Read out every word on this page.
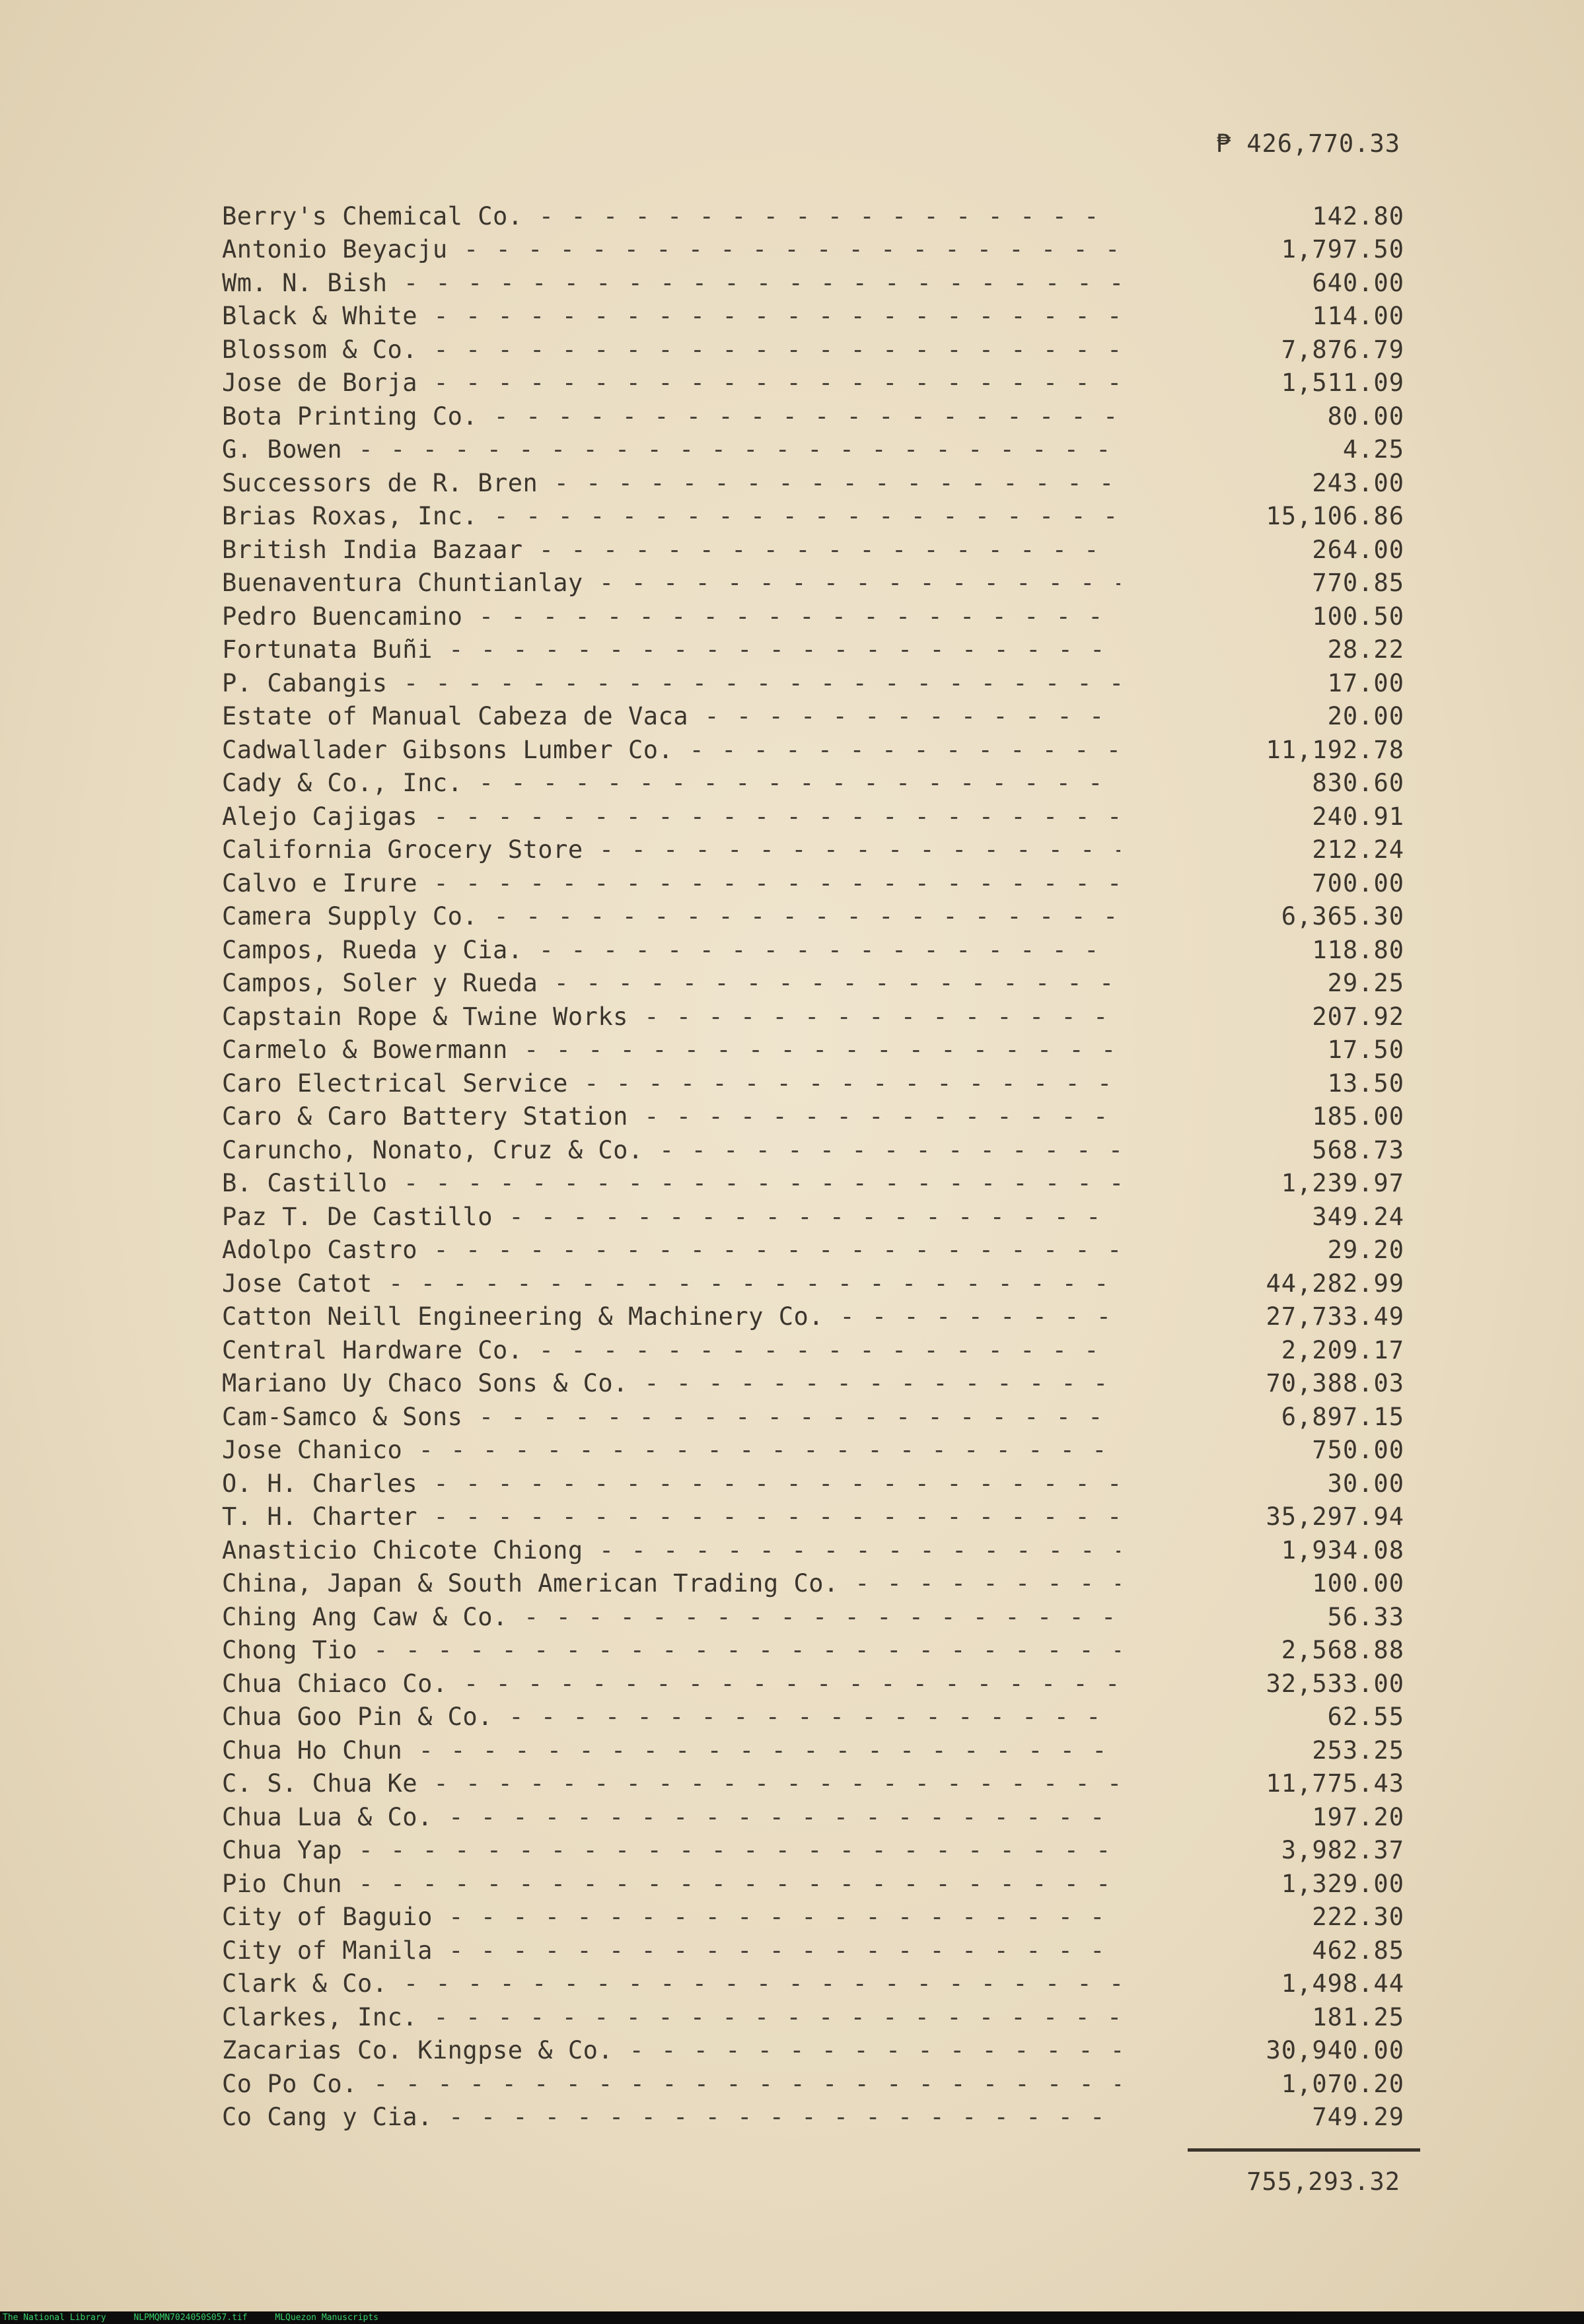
₱ 426,770.33
Berry's Chemical Co. - - -	142.80
Antonio Beyacju - - -	1,797.50
Wm. N. Bish - - -	640.00
Black & White - - -	114.00
Blossom & Co. - - -	7,876.79
Jose de Borja - - -	1,511.09
Bota Printing Co. - - -	80.00
G. Bowen - - -	4.25
Successors de R. Bren - - -	243.00
Brias Roxas, Inc. - - -	15,106.86
British India Bazaar - - -	264.00
Buenaventura Chuntianlay - - -	770.85
Pedro Buencamino - - -	100.50
Fortunata Buñi - - -	28.22
P. Cabangis - - -	17.00
Estate of Manual Cabeza de Vaca - - -	20.00
Cadwallader Gibsons Lumber Co. - - -	11,192.78
Cady & Co., Inc. - - -	830.60
Alejo Cajigas - - -	240.91
California Grocery Store - - -	212.24
Calvo e Irure - - -	700.00
Camera Supply Co. - - -	6,365.30
Campos, Rueda y Cia. - - -	118.80
Campos, Soler y Rueda - - -	29.25
Capstain Rope & Twine Works - - -	207.92
Carmelo & Bowermann - - -	17.50
Caro Electrical Service - - -	13.50
Caro & Caro Battery Station - - -	185.00
Caruncho, Nonato, Cruz & Co. - - -	568.73
B. Castillo - - -	1,239.97
Paz T. De Castillo - - -	349.24
Adolpo Castro - - -	29.20
Jose Catot - - -	44,282.99
Catton Neill Engineering & Machinery Co. - - -	27,733.49
Central Hardware Co. - - -	2,209.17
Mariano Uy Chaco Sons & Co. - - -	70,388.03
Cam-Samco & Sons - - -	6,897.15
Jose Chanico - - -	750.00
O. H. Charles - - -	30.00
T. H. Charter - - -	35,297.94
Anasticio Chicote Chiong - - -	1,934.08
China, Japan & South American Trading Co. - - -	100.00
Ching Ang Caw & Co. - - -	56.33
Chong Tio - - -	2,568.88
Chua Chiaco Co. - - -	32,533.00
Chua Goo Pin & Co. - - -	62.55
Chua Ho Chun - - -	253.25
C. S. Chua Ke - - -	11,775.43
Chua Lua & Co. - - -	197.20
Chua Yap - - -	3,982.37
Pio Chun - - -	1,329.00
City of Baguio - - -	222.30
City of Manila - - -	462.85
Clark & Co. - - -	1,498.44
Clarkes, Inc. - - -	181.25
Zacarias Co. Kingpse & Co. - - -	30,940.00
Co Po Co. - - -	1,070.20
Co Cang y Cia. - - -	749.29
755,293.32
The National Library	NLPMQMN7024050S057.tif	MLQuezon Manuscripts
